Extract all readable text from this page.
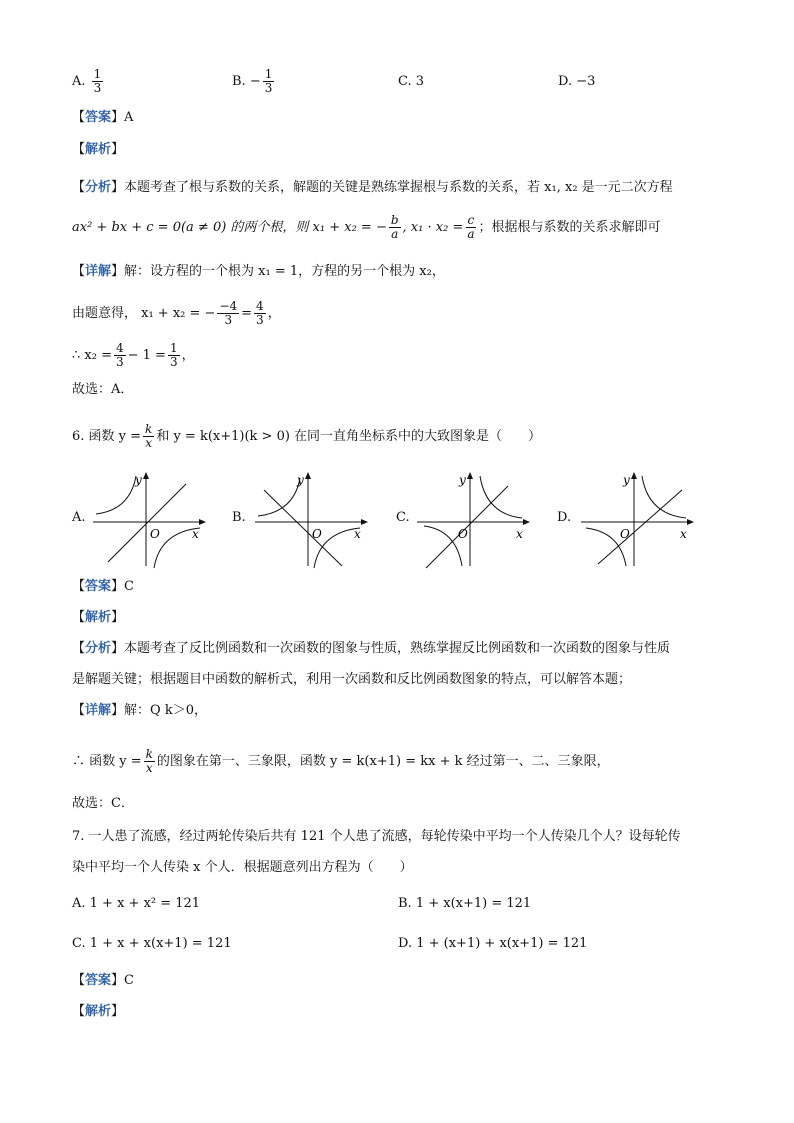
A. $\frac{1}{3}$	B. − $\frac{1}{3}$	C. 3	D. −3
【答案】A
【解析】
【分析】本题考查了根与系数的关系，解题的关键是熟练掌握根与系数的关系，若 x₁, x₂ 是一元二次方程
ax² + bx + c = 0(a ≠ 0) 的两个根，则 x₁ + x₂ = − $\frac{b}{a}$ , $x_1 \cdot x_2 = \frac{c}{a}$ ；根据根与系数的关系求解即可
【详解】解：设方程的一个根为 x₁ = 1，方程的另一个根为 x₂，
由题意得， x₁ + x₂ = − $\frac{-4}{3} = \frac{4}{3}$ ，
∴ $x_2 = \frac{4}{3} - 1 = \frac{1}{3}$ ，
故选：A．
6. 函数 $y = \frac{k}{x}$ 和 y = k(x+1)(k > 0) 在同一直角坐标系中的大致图象是（　　）
A.
y
x
O
B.
y
x
O
C.
y
x
O
D.
y
x
O
【答案】C
【解析】
【分析】本题考查了反比例函数和一次函数的图象与性质，熟练掌握反比例函数和一次函数的图象与性质
是解题关键；根据题目中函数的解析式，利用一次函数和反比例函数图象的特点，可以解答本题；
【详解】解：Q k＞0，
∴ 函数 $y = \frac{k}{x}$ 的图象在第一、三象限，函数 y = k(x+1) = kx + k 经过第一、二、三象限，
故选：C．
7. 一人患了流感，经过两轮传染后共有 121 个人患了流感，每轮传染中平均一个人传染几个人？设每轮传
染中平均一个人传染 x 个人．根据题意列出方程为（　　）
A. 1 + x + x² = 121	B. 1 + x(x+1) = 121
C. 1 + x + x(x+1) = 121	D. 1 + (x+1) + x(x+1) = 121
【答案】C
【解析】
